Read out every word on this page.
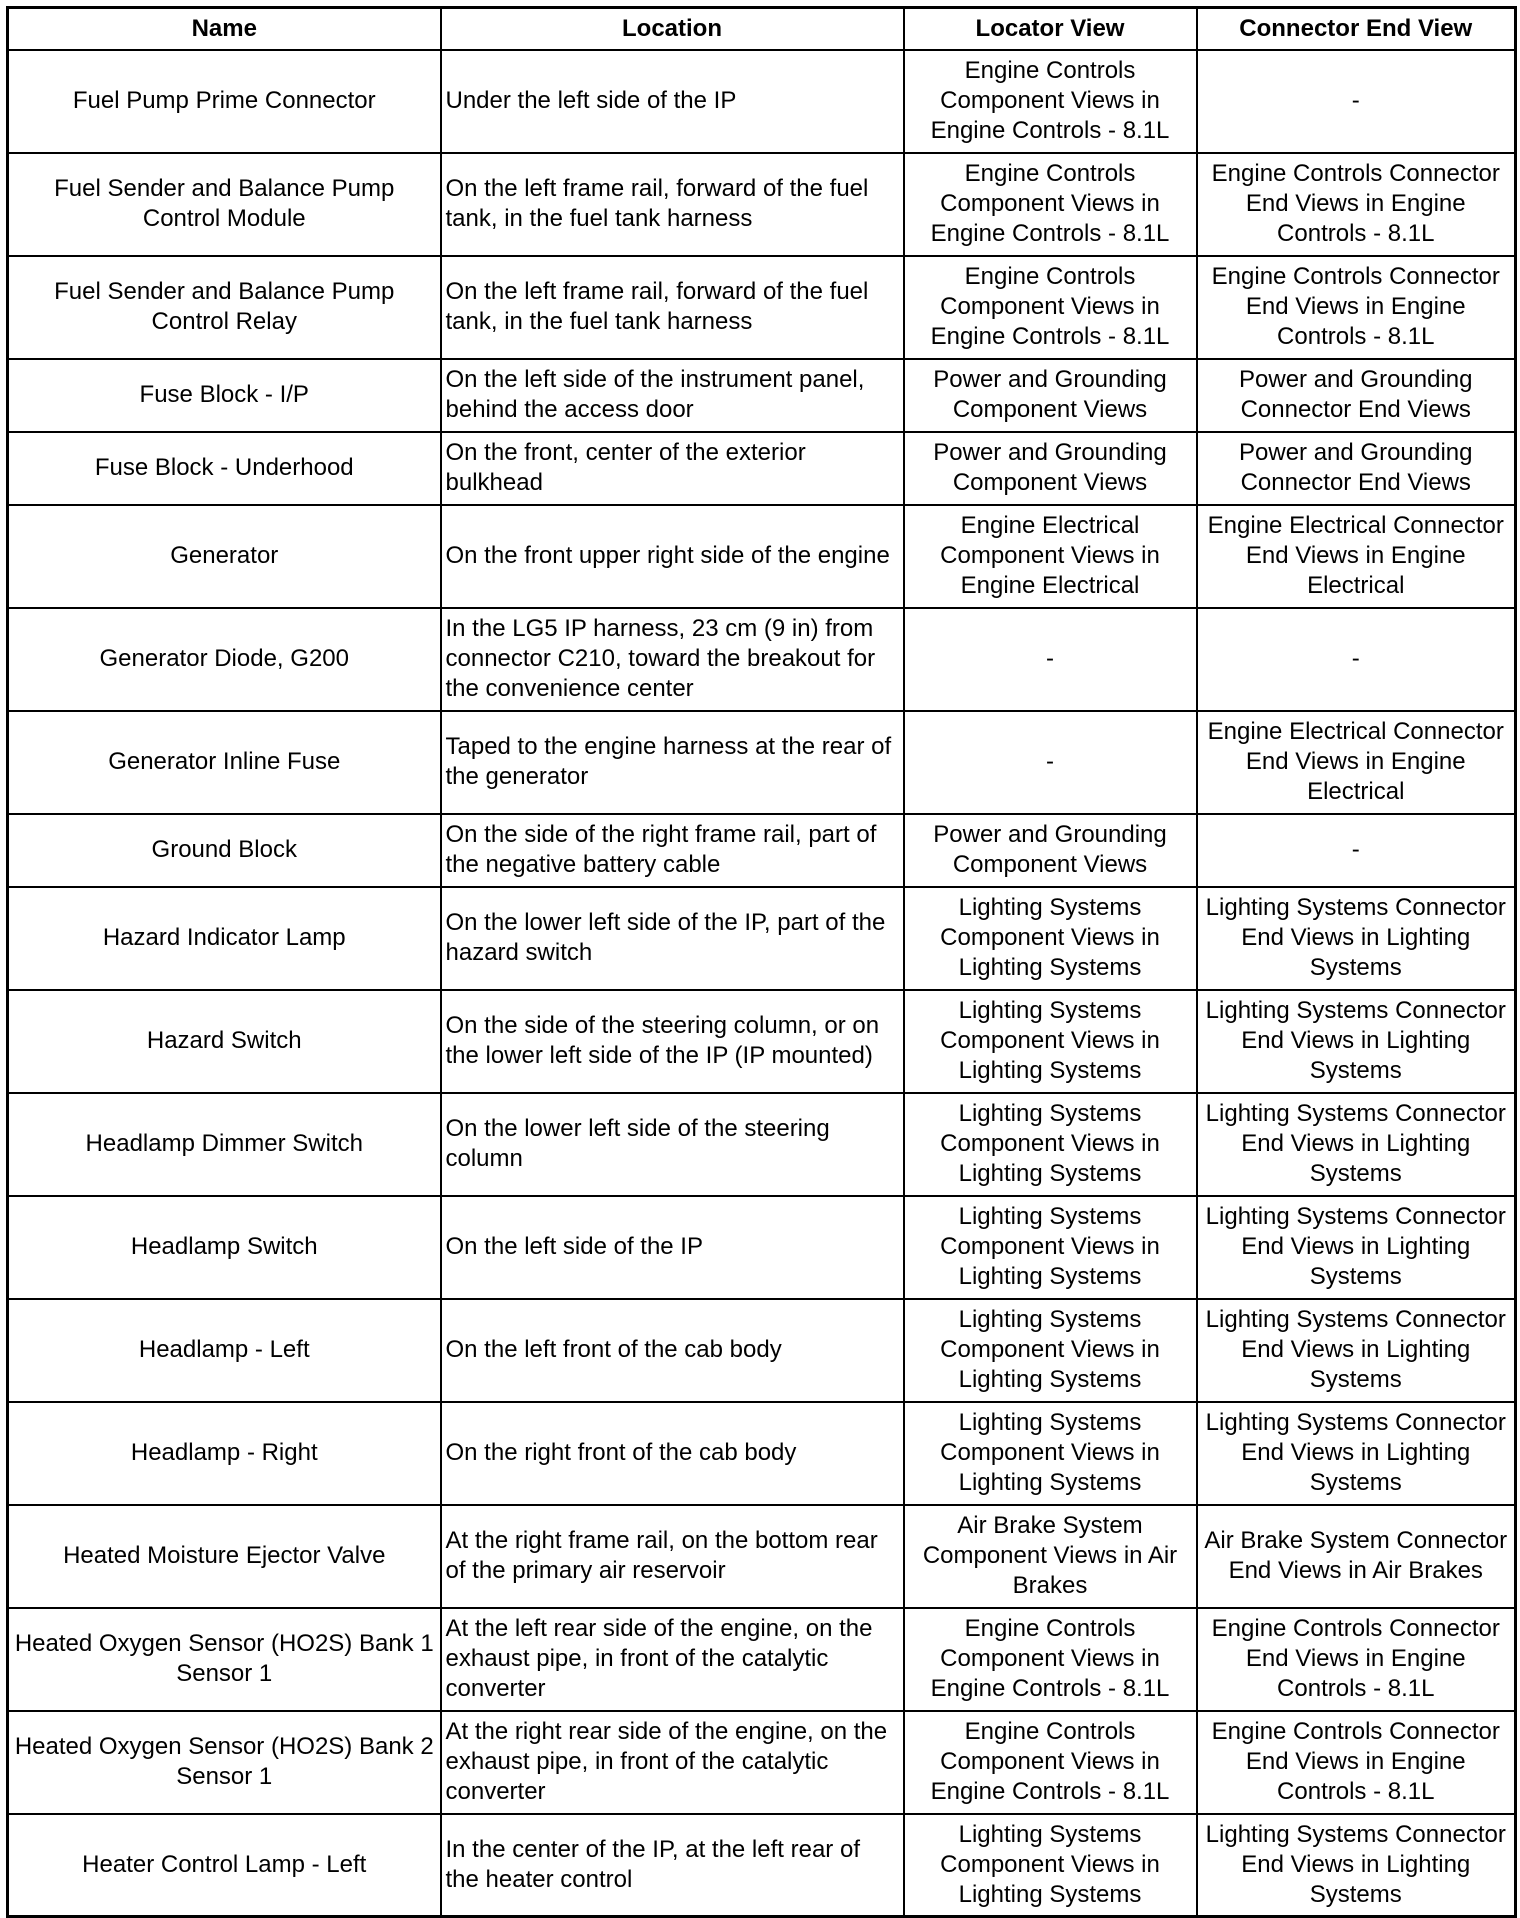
Name	Location	Locator View	Connector End View
Fuel Pump Prime Connector	Under the left side of the IP	Engine Controls Component Views in Engine Controls - 8.1L	-
Fuel Sender and Balance Pump Control Module	On the left frame rail, forward of the fuel tank, in the fuel tank harness	Engine Controls Component Views in Engine Controls - 8.1L	Engine Controls Connector End Views in Engine Controls - 8.1L
Fuel Sender and Balance Pump Control Relay	On the left frame rail, forward of the fuel tank, in the fuel tank harness	Engine Controls Component Views in Engine Controls - 8.1L	Engine Controls Connector End Views in Engine Controls - 8.1L
Fuse Block - I/P	On the left side of the instrument panel, behind the access door	Power and Grounding Component Views	Power and Grounding Connector End Views
Fuse Block - Underhood	On the front, center of the exterior bulkhead	Power and Grounding Component Views	Power and Grounding Connector End Views
Generator	On the front upper right side of the engine	Engine Electrical Component Views in Engine Electrical	Engine Electrical Connector End Views in Engine Electrical
Generator Diode, G200	In the LG5 IP harness, 23 cm (9 in) from connector C210, toward the breakout for the convenience center	-	-
Generator Inline Fuse	Taped to the engine harness at the rear of the generator	-	Engine Electrical Connector End Views in Engine Electrical
Ground Block	On the side of the right frame rail, part of the negative battery cable	Power and Grounding Component Views	-
Hazard Indicator Lamp	On the lower left side of the IP, part of the hazard switch	Lighting Systems Component Views in Lighting Systems	Lighting Systems Connector End Views in Lighting Systems
Hazard Switch	On the side of the steering column, or on the lower left side of the IP (IP mounted)	Lighting Systems Component Views in Lighting Systems	Lighting Systems Connector End Views in Lighting Systems
Headlamp Dimmer Switch	On the lower left side of the steering column	Lighting Systems Component Views in Lighting Systems	Lighting Systems Connector End Views in Lighting Systems
Headlamp Switch	On the left side of the IP	Lighting Systems Component Views in Lighting Systems	Lighting Systems Connector End Views in Lighting Systems
Headlamp - Left	On the left front of the cab body	Lighting Systems Component Views in Lighting Systems	Lighting Systems Connector End Views in Lighting Systems
Headlamp - Right	On the right front of the cab body	Lighting Systems Component Views in Lighting Systems	Lighting Systems Connector End Views in Lighting Systems
Heated Moisture Ejector Valve	At the right frame rail, on the bottom rear of the primary air reservoir	Air Brake System Component Views in Air Brakes	Air Brake System Connector End Views in Air Brakes
Heated Oxygen Sensor (HO2S) Bank 1 Sensor 1	At the left rear side of the engine, on the exhaust pipe, in front of the catalytic converter	Engine Controls Component Views in Engine Controls - 8.1L	Engine Controls Connector End Views in Engine Controls - 8.1L
Heated Oxygen Sensor (HO2S) Bank 2 Sensor 1	At the right rear side of the engine, on the exhaust pipe, in front of the catalytic converter	Engine Controls Component Views in Engine Controls - 8.1L	Engine Controls Connector End Views in Engine Controls - 8.1L
Heater Control Lamp - Left	In the center of the IP, at the left rear of the heater control	Lighting Systems Component Views in Lighting Systems	Lighting Systems Connector End Views in Lighting Systems
